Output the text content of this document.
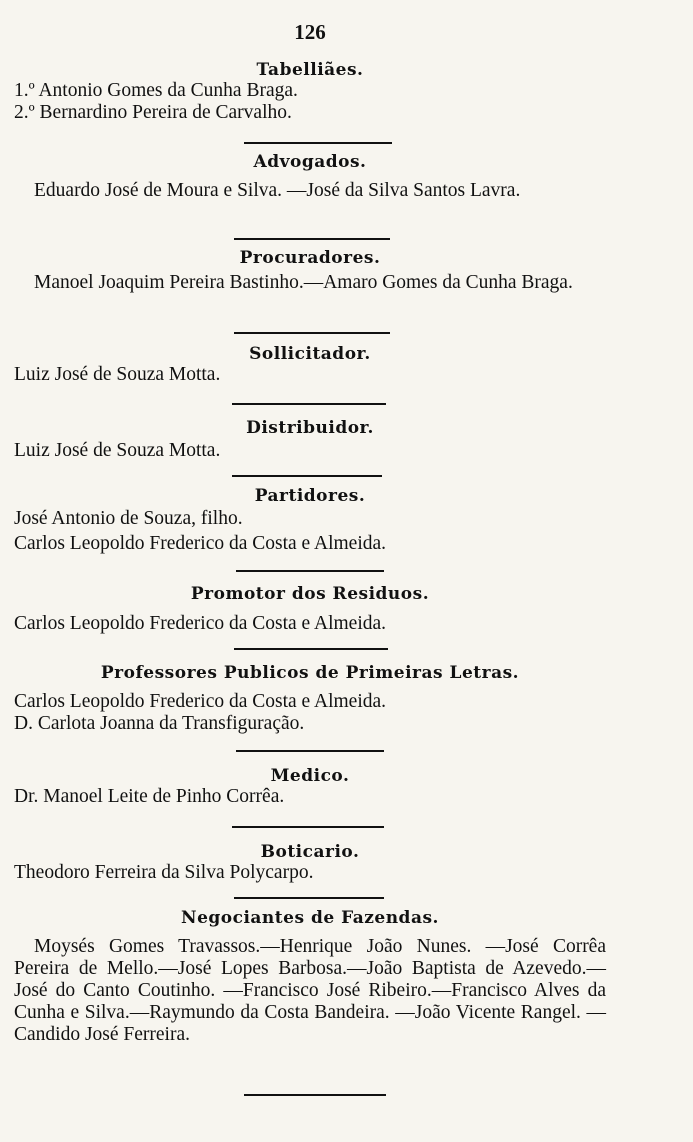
126
Tabelliães.
1.º Antonio Gomes da Cunha Braga.
2.º Bernardino Pereira de Carvalho.
Advogados.
Eduardo José de Moura e Silva. —José da Silva Santos Lavra.
Procuradores.
Manoel Joaquim Pereira Bastinho.—Amaro Gomes da Cunha Braga.
Sollicitador.
Luiz José de Souza Motta.
Distribuidor.
Luiz José de Souza Motta.
Partidores.
José Antonio de Souza, filho.
Carlos Leopoldo Frederico da Costa e Almeida.
Promotor dos Residuos.
Carlos Leopoldo Frederico da Costa e Almeida.
Professores Publicos de Primeiras Letras.
Carlos Leopoldo Frederico da Costa e Almeida.
D. Carlota Joanna da Transfiguração.
Medico.
Dr. Manoel Leite de Pinho Corrêa.
Boticario.
Theodoro Ferreira da Silva Polycarpo.
Negociantes de Fazendas.
Moysés Gomes Travassos.—Henrique João Nunes. —José Corrêa Pereira de Mello.—José Lopes Barbosa.—João Baptista de Azevedo.—José do Canto Coutinho. —Francisco José Ribeiro.—Francisco Alves da Cunha e Silva.—Raymundo da Costa Bandeira. —João Vicente Rangel. —Candido José Ferreira.
